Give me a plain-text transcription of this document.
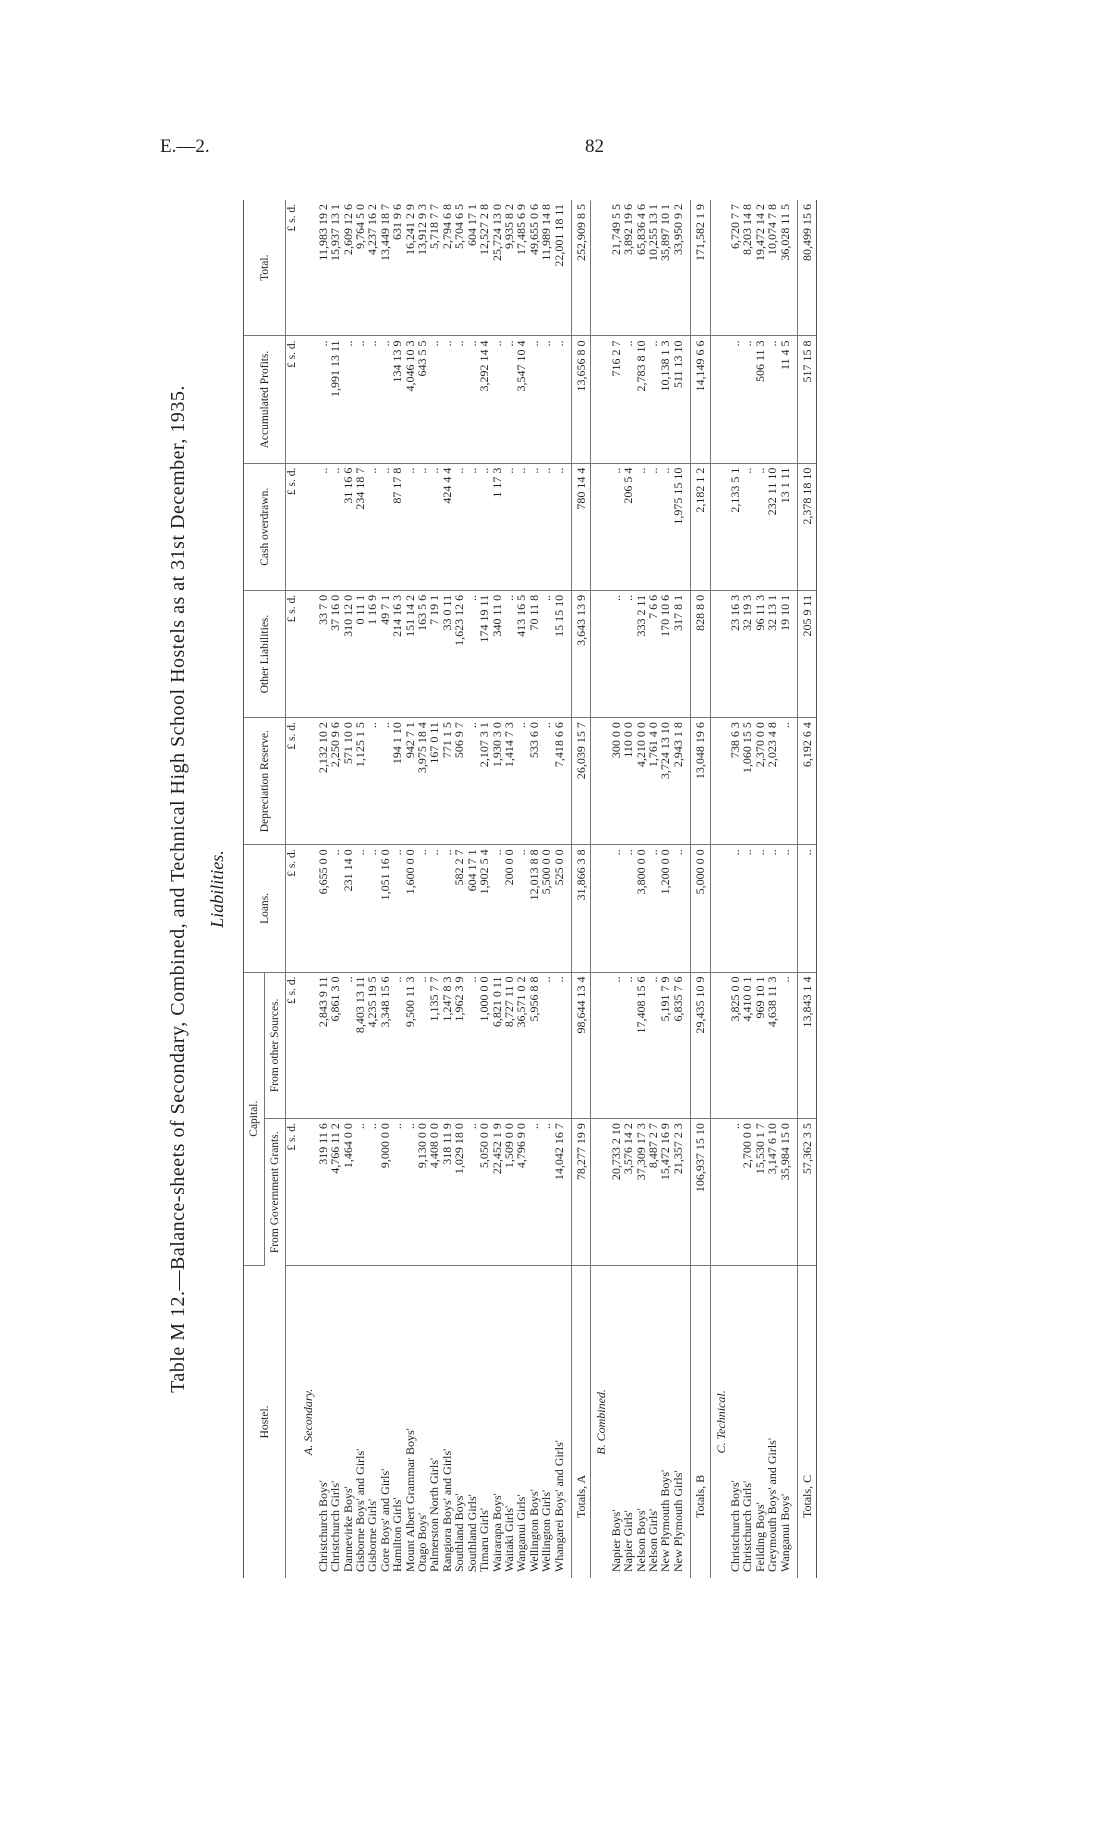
E.—2.	82
Table M 12.—Balance-sheets of Secondary, Combined, and Technical High School Hostels as at 31st December, 1935. Liabilities.
Hostel.	Capital.		Loans.	Depreciation Reserve.	Other Liabilities.	Cash overdrawn.	Accumulated Profits.	Total.
	From Government Grants.	From other Sources.						
	£ s. d.	£ s. d.	£ s. d.	£ s. d.	£ s. d.	£ s. d.	£ s. d.	£ s. d.
A. Secondary.								
Christchurch Boys'	319 11 6	2,843 9 11	6,655 0 0	2,132 10 2	33 7 0	..	..	11,983 19 2
Christchurch Girls'	4,766 11 2	6,861 3 0	..	2,250 9 6	37 16 0	..	1,991 13 11	15,937 13 1
Dannevirke Boys'	1,464 0 0	..	231 14 0	571 10 0	310 12 0	31 16 6	..	2,609 12 6
Gisborne Boys' and Girls'	..	8,403 13 11	..	1,125 1 5	0 11 1	234 18 7	..	9,764 5 0
Gisborne Girls'	..	4,235 19 5	..	..	1 16 9	..	..	4,237 16 2
Gore Boys' and Girls'	9,000 0 0	3,348 15 6	1,051 16 0	..	49 7 1	..	..	13,449 18 7
Hamilton Girls'	..	..	..	194 1 10	214 16 3	87 17 8	134 13 9	631 9 6
Mount Albert Grammar Boys'	..	9,500 11 3	1,600 0 0	942 7 1	151 14 2	..	4,046 10 3	16,241 2 9
Otago Boys'	9,130 0 0	..	..	3,975 18 4	163 5 6	..	643 5 5	13,912 9 3
Palmerston North Girls'	4,408 0 0	1,135 7 7	..	167 0 11	7 19 1	..	..	5,718 7 7
Rangiora Boys' and Girls'	318 11 9	1,247 8 3	..	771 1 5	33 0 11	424 4 4	..	2,794 6 8
Southland Boys'	1,029 18 0	1,962 3 9	582 2 7	506 9 7	1,623 12 6	..	..	5,704 6 5
Southland Girls'	..	..	604 17 1	..	..	..	..	604 17 1
Timaru Girls'	5,050 0 0	1,000 0 0	1,902 5 4	2,107 3 1	174 19 11	..	3,292 14 4	12,527 2 8
Wairarapa Boys'	22,452 1 9	6,821 0 11	..	1,930 3 0	340 11 0	1 17 3	..	25,724 13 0
Waitaki Girls'	1,509 0 0	8,727 11 0	200 0 0	1,414 7 3	..	..	..	9,935 8 2
Wanganui Girls'	4,796 9 0	36,571 0 2	..	..	413 16 5	..	3,547 10 4	17,485 6 9
Wellington Boys'	..	5,956 8 8	12,013 8 8	533 6 0	70 11 8	..	..	49,655 0 6
Wellington Girls'	..	..	5,500 0 0	..	..	..	..	11,989 14 8
Whangarei Boys' and Girls'	14,042 16 7	..	525 0 0	7,418 6 6	15 15 10	..	..	22,001 18 11

Totals, A	78,277 19 9	98,644 13 4	31,866 3 8	26,039 15 7	3,643 13 9	780 14 4	13,656 8 0	252,909 8 5
B. Combined.								
Napier Boys'	20,733 2 10	..	..	300 0 0	..	..	716 2 7	21,749 5 5
Napier Girls'	3,576 14 2	..	..	110 0 0	..	206 5 4	..	3,892 19 6
Nelson Boys'	37,309 17 3	17,408 15 6	3,800 0 0	4,210 0 0	333 2 11	..	2,783 8 10	65,836 4 6
Nelson Girls'	8,487 2 7	..	..	1,761 4 0	7 6 6	..	..	10,255 13 1
New Plymouth Boys'	15,472 16 9	5,191 7 9	1,200 0 0	3,724 13 10	170 10 6	..	10,138 1 3	35,897 10 1
New Plymouth Girls'	21,357 2 3	6,835 7 6	..	2,943 1 8	317 8 1	1,975 15 10	511 13 10	33,950 9 2

Totals, B	106,937 15 10	29,435 10 9	5,000 0 0	13,048 19 6	828 8 0	2,182 1 2	14,149 6 6	171,582 1 9
C. Technical.								
Christchurch Boys'	..	3,825 0 0	..	738 6 3	23 16 3	2,133 5 1	..	6,720 7 7
Christchurch Girls'	2,700 0 0	4,410 0 1	..	1,060 15 5	32 19 3	..	..	8,203 14 8
Feilding Boys'	15,530 1 7	969 10 1	..	2,370 0 0	96 11 3	..	506 11 3	19,472 14 2
Greymouth Boys' and Girls'	3,147 6 10	4,638 11 3	..	2,023 4 8	32 13 1	232 11 10	..	10,074 7 8
Wanganui Boys'	35,984 15 0	..	..	..	19 10 1	13 1 11	11 4 5	36,028 11 5

Totals, C	57,362 3 5	13,843 1 4	..	6,192 6 4	205 9 11	2,378 18 10	517 15 8	80,499 15 6
